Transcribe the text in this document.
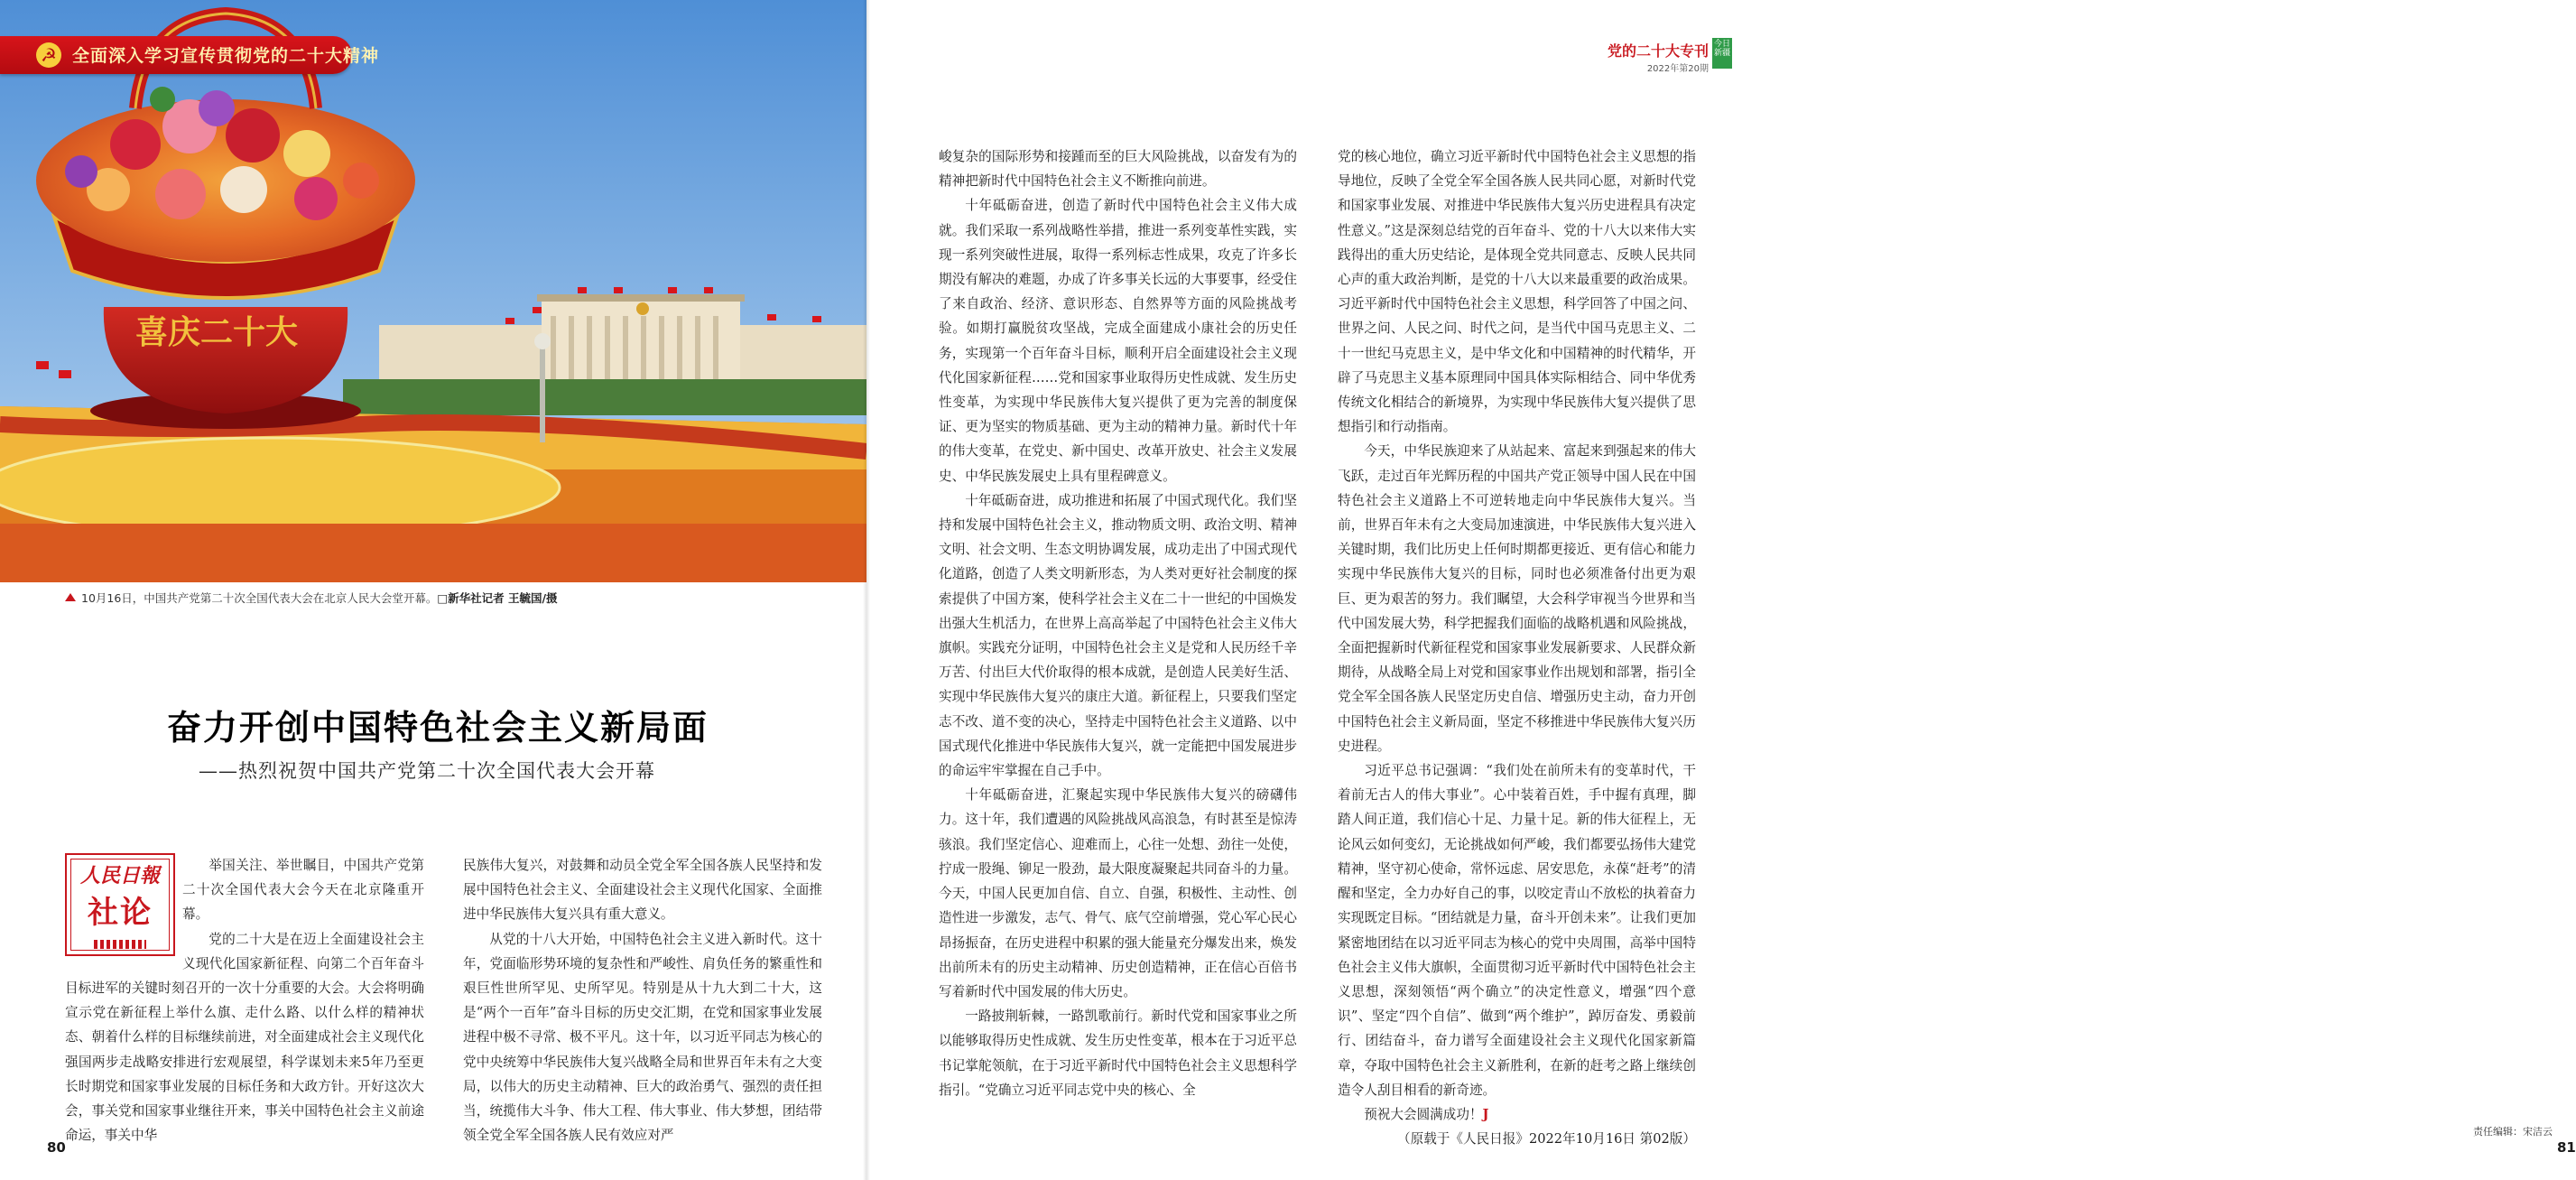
喜庆二十大
☭ 全面深入学习宣传贯彻党的二十大精神
10月16日，中国共产党第二十次全国代表大会在北京人民大会堂开幕。□新华社记者 王毓国/摄
奋力开创中国特色社会主义新局面
——热烈祝贺中国共产党第二十次全国代表大会开幕
人民日報
社论

举国关注、举世瞩目，中国共产党第二十次全国代表大会今天在北京隆重开幕。

党的二十大是在迈上全面建设社会主义现代化国家新征程、向第二个百年奋斗目标进军的关键时刻召开的一次十分重要的大会。大会将明确宣示党在新征程上举什么旗、走什么路、以什么样的精神状态、朝着什么样的目标继续前进，对全面建成社会主义现代化强国两步走战略安排进行宏观展望，科学谋划未来5年乃至更长时期党和国家事业发展的目标任务和大政方针。开好这次大会，事关党和国家事业继往开来，事关中国特色社会主义前途命运，事关中华

民族伟大复兴，对鼓舞和动员全党全军全国各族人民坚持和发展中国特色社会主义、全面建设社会主义现代化国家、全面推进中华民族伟大复兴具有重大意义。

从党的十八大开始，中国特色社会主义进入新时代。这十年，党面临形势环境的复杂性和严峻性、肩负任务的繁重性和艰巨性世所罕见、史所罕见。特别是从十九大到二十大，这是“两个一百年”奋斗目标的历史交汇期，在党和国家事业发展进程中极不寻常、极不平凡。这十年，以习近平同志为核心的党中央统筹中华民族伟大复兴战略全局和世界百年未有之大变局，以伟大的历史主动精神、巨大的政治勇气、强烈的责任担当，统揽伟大斗争、伟大工程、伟大事业、伟大梦想，团结带领全党全军全国各族人民有效应对严

80

峻复杂的国际形势和接踵而至的巨大风险挑战，以奋发有为的精神把新时代中国特色社会主义不断推向前进。

十年砥砺奋进，创造了新时代中国特色社会主义伟大成就。我们采取一系列战略性举措，推进一系列变革性实践，实现一系列突破性进展，取得一系列标志性成果，攻克了许多长期没有解决的难题，办成了许多事关长远的大事要事，经受住了来自政治、经济、意识形态、自然界等方面的风险挑战考验。如期打赢脱贫攻坚战，完成全面建成小康社会的历史任务，实现第一个百年奋斗目标，顺利开启全面建设社会主义现代化国家新征程……党和国家事业取得历史性成就、发生历史性变革，为实现中华民族伟大复兴提供了更为完善的制度保证、更为坚实的物质基础、更为主动的精神力量。新时代十年的伟大变革，在党史、新中国史、改革开放史、社会主义发展史、中华民族发展史上具有里程碑意义。

十年砥砺奋进，成功推进和拓展了中国式现代化。我们坚持和发展中国特色社会主义，推动物质文明、政治文明、精神文明、社会文明、生态文明协调发展，成功走出了中国式现代化道路，创造了人类文明新形态，为人类对更好社会制度的探索提供了中国方案，使科学社会主义在二十一世纪的中国焕发出强大生机活力，在世界上高高举起了中国特色社会主义伟大旗帜。实践充分证明，中国特色社会主义是党和人民历经千辛万苦、付出巨大代价取得的根本成就，是创造人民美好生活、实现中华民族伟大复兴的康庄大道。新征程上，只要我们坚定志不改、道不变的决心，坚持走中国特色社会主义道路、以中国式现代化推进中华民族伟大复兴，就一定能把中国发展进步的命运牢牢掌握在自己手中。

十年砥砺奋进，汇聚起实现中华民族伟大复兴的磅礴伟力。这十年，我们遭遇的风险挑战风高浪急，有时甚至是惊涛骇浪。我们坚定信心、迎难而上，心往一处想、劲往一处使，拧成一股绳、铆足一股劲，最大限度凝聚起共同奋斗的力量。今天，中国人民更加自信、自立、自强，积极性、主动性、创造性进一步激发，志气、骨气、底气空前增强，党心军心民心昂扬振奋，在历史进程中积累的强大能量充分爆发出来，焕发出前所未有的历史主动精神、历史创造精神，正在信心百倍书写着新时代中国发展的伟大历史。

一路披荆斩棘，一路凯歌前行。新时代党和国家事业之所以能够取得历史性成就、发生历史性变革，根本在于习近平总书记掌舵领航，在于习近平新时代中国特色社会主义思想科学指引。“党确立习近平同志党中央的核心、全

党的核心地位，确立习近平新时代中国特色社会主义思想的指导地位，反映了全党全军全国各族人民共同心愿，对新时代党和国家事业发展、对推进中华民族伟大复兴历史进程具有决定性意义。”这是深刻总结党的百年奋斗、党的十八大以来伟大实践得出的重大历史结论，是体现全党共同意志、反映人民共同心声的重大政治判断，是党的十八大以来最重要的政治成果。习近平新时代中国特色社会主义思想，科学回答了中国之问、世界之问、人民之问、时代之问，是当代中国马克思主义、二十一世纪马克思主义，是中华文化和中国精神的时代精华，开辟了马克思主义基本原理同中国具体实际相结合、同中华优秀传统文化相结合的新境界，为实现中华民族伟大复兴提供了思想指引和行动指南。

今天，中华民族迎来了从站起来、富起来到强起来的伟大飞跃，走过百年光辉历程的中国共产党正领导中国人民在中国特色社会主义道路上不可逆转地走向中华民族伟大复兴。当前，世界百年未有之大变局加速演进，中华民族伟大复兴进入关键时期，我们比历史上任何时期都更接近、更有信心和能力实现中华民族伟大复兴的目标，同时也必须准备付出更为艰巨、更为艰苦的努力。我们瞩望，大会科学审视当今世界和当代中国发展大势，科学把握我们面临的战略机遇和风险挑战，全面把握新时代新征程党和国家事业发展新要求、人民群众新期待，从战略全局上对党和国家事业作出规划和部署，指引全党全军全国各族人民坚定历史自信、增强历史主动，奋力开创中国特色社会主义新局面，坚定不移推进中华民族伟大复兴历史进程。

习近平总书记强调：“我们处在前所未有的变革时代，干着前无古人的伟大事业”。心中装着百姓，手中握有真理，脚踏人间正道，我们信心十足、力量十足。新的伟大征程上，无论风云如何变幻，无论挑战如何严峻，我们都要弘扬伟大建党精神，坚守初心使命，常怀远虑、居安思危，永葆“赶考”的清醒和坚定，全力办好自己的事，以咬定青山不放松的执着奋力实现既定目标。“团结就是力量，奋斗开创未来”。让我们更加紧密地团结在以习近平同志为核心的党中央周围，高举中国特色社会主义伟大旗帜，全面贯彻习近平新时代中国特色社会主义思想，深刻领悟“两个确立”的决定性意义，增强“四个意识”、坚定“四个自信”、做到“两个维护”，踔厉奋发、勇毅前行、团结奋斗，奋力谱写全面建设社会主义现代化国家新篇章，夺取中国特色社会主义新胜利，在新的赶考之路上继续创造令人刮目相看的新奇迹。

预祝大会圆满成功！J

（原载于《人民日报》2022年10月16日 第02版）	责任编辑：宋洁云
81
党的二十大专刊
2022年第20期
今日新疆
